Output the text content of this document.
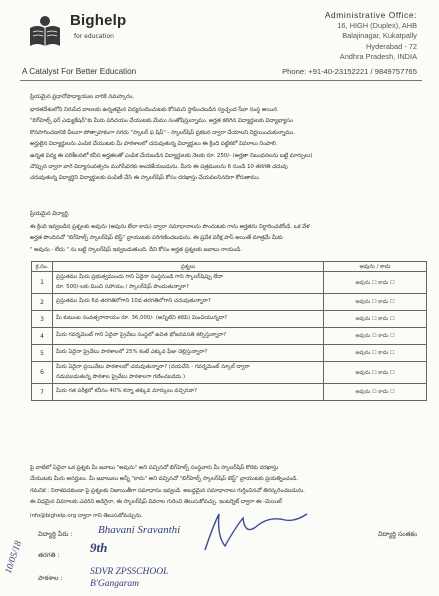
Bighelp
for education
A Catalyst For Better Education
Administrative Office:
16, HIGH (Duplex), AHB
Balajinagar, Kukatpally
Hyderabad - 72
Andhra Pradesh, INDIA
Phone: +91-40-23152221 / 9849757765
ప్రియమైన ప్రధానోపాధ్యాయుల వారికి నమస్కారం,
భారతదేశంలోని నిరుపేద బాలలకు ఉన్నతమైన విద్యనందించుటకు కోసమని స్థాపించబడిన స్వచ్ఛంద సేవా సంస్థ అయిన
"బిగ్‌హెల్ప్ ఫర్ ఎడ్యుకేషన్"కు మీరు పరిచయం చేయుటకు మేము సంతోషిస్తున్నాము. అర్హత కలిగిన విద్యార్థులకు విద్యాభ్యాసం
కొనసాగించడానికి వీలుగా పోత్సాహకంగా నగదు "స్కాలర్ ఫ షిప్" - స్కాలర్‌షిప్ ప్రకటన ద్వారా చేయాలని నిర్ణయించుకున్నాము.
అర్హులైన విద్యార్థులను ఎంపిక చేయుటకు మీ పాఠశాలలో చదువుతున్న విద్యార్థులు ఈ క్రింది పట్టికలో వివరాలు నింపాలి.
ఉన్నత విద్య ఈ పరిశీలనలో కనీస అర్హతలతో ఎంపిక చేయబడిన విద్యార్థులకు నెలకు రూ. 250/- (అర్హతా నిబంధనలను బట్టి మార్పులు)
చొప్పున ద్వారా వారి విద్యాసంవత్సరం ముగిసేవరకు అందజేయబడును. మీరు ఈ పత్రములను 6 నుండి 10 తరగతి చదువు
చదువుతున్న విద్యార్థిని విద్యార్థులకు పంపిణీ చేసి ఈ స్కాలర్‌షిప్ కోసం దరఖాస్తు చేయవలసినదిగా కోరుతాము.
ప్రియమైన విద్యార్థి,
ఈ క్రింది ఇవ్వబడిన ప్రశ్నలకు అవును (అవును లేదా కాదు) ద్వారా సమాధానాలను పొందుటకు గాను అర్హతను నిర్ధారించుకోండి. ఒక వేళ
అర్హత పొందినచో "బిగ్‌హెల్ప్ స్కాలర్‌షిప్ టెస్ట్" వ్రాయుటకు పరిగణించబడును. ఈ ప్రవేశ పరీక్ష పాస్ అయితే మాత్రమే మీకు
" అవును - లేదు " ను బట్టి స్కాలర్‌షిప్ ఇవ్వబడుతుంది. దీని కోసం అర్హత ప్రశ్నలకు జవాబు రాయండి.
క్ర.సం.	ప్రశ్నలు	అవును / కాదు
1	ప్రస్తుతము మీరు ప్రభుత్వముందు గాని ఏదైనా సంస్థనుండి గాని స్కాలర్‌షిప్పు లేదా
రూ. 500/-లకు మించి సహాయం / స్కాలర్‌షిప్ పొందుతున్నారా?	అవును ☐ కాదు ☐
2	ప్రస్తుతము మీరు 6వ తరగతిలోగాని 10వ తరగతిలోగాని చదువుతున్నారా?	అవును ☐ కాదు ☐
3	మీ కుటుంబ సంవత్సరాదాయం రూ. 36,000/- (అన్నిటిని కలిపి) మించియున్నదా?	అవును ☐ కాదు ☐
4	మీరు గవర్నమెంట్ గాని ఏదైనా ప్రైవేటు సంస్థలో ఉచిత భోజనవసతి కల్పిస్తున్నారా?	అవును ☐ కాదు ☐
5	మీరు ఏదైనా ప్రైవేటు పాఠశాలలో 25% కంటే ఎక్కువ ఫీజు చెల్లిస్తున్నారా?	అవును ☐ కాదు ☐
6	మీరు ఏదైనా ప్రయివేటు పాఠశాలలో చదువుతున్నారా? (దయచేసి - గవర్నమెంట్ స్కూల్ ద్వారా
నడుపబడుతున్న పాఠశాల ప్రైవేటు పాఠశాలగా గణించబడదు.)	అవును ☐ కాదు ☐
7	మీరు గత పరీక్షలో కనీసం 40% కన్నా తక్కువ మార్కులు వచ్చినవా?	అవును ☐ కాదు ☐
పై వాటిలో ఏవైనా ఒక ప్రశ్నకు మీ జవాబు "అవును" అని వచ్చినచో బిగ్‌హెల్ప్ సంస్థవారు మీ స్కాలర్‌షిప్ కొరకు దరఖాస్తు
చేయుటకు మీరు అనర్హులు. మీ జవాబులు అన్నీ "కాదు" అని వచ్చినచో "బిగ్‌హెల్ప్ స్కాలర్‌షిప్ టెస్ట్" వ్రాయుటకు ప్రయత్నించండి.
గమనిక : నిరాశపడకుండా పై ప్రశ్నలకు నిజాయితీగా సమాధానం ఇవ్వండి. అబద్ధమైన సమాధానాలు గుర్తించినచో తిరస్కరించబడును.
ఈ విధమైన వివరాలకు ఎవరిని అడిగైనా, ఈ స్కాలర్‌షిప్ వివరాల గురించి తెలుసుకోవచ్చు. ఇంటర్నెట్ ద్వారా ఈ -మెయిల్
info@bighelp.org ద్వారా గాని తెలుసుకోవచ్చును.
విద్యార్థి పేరు : Bhavani Sravanthi	విద్యార్థి సంతకం
తరగతి : 9th
పాఠశాల :
SDVR ZPSSCHOOL
B'Gangaram
10/05/18
